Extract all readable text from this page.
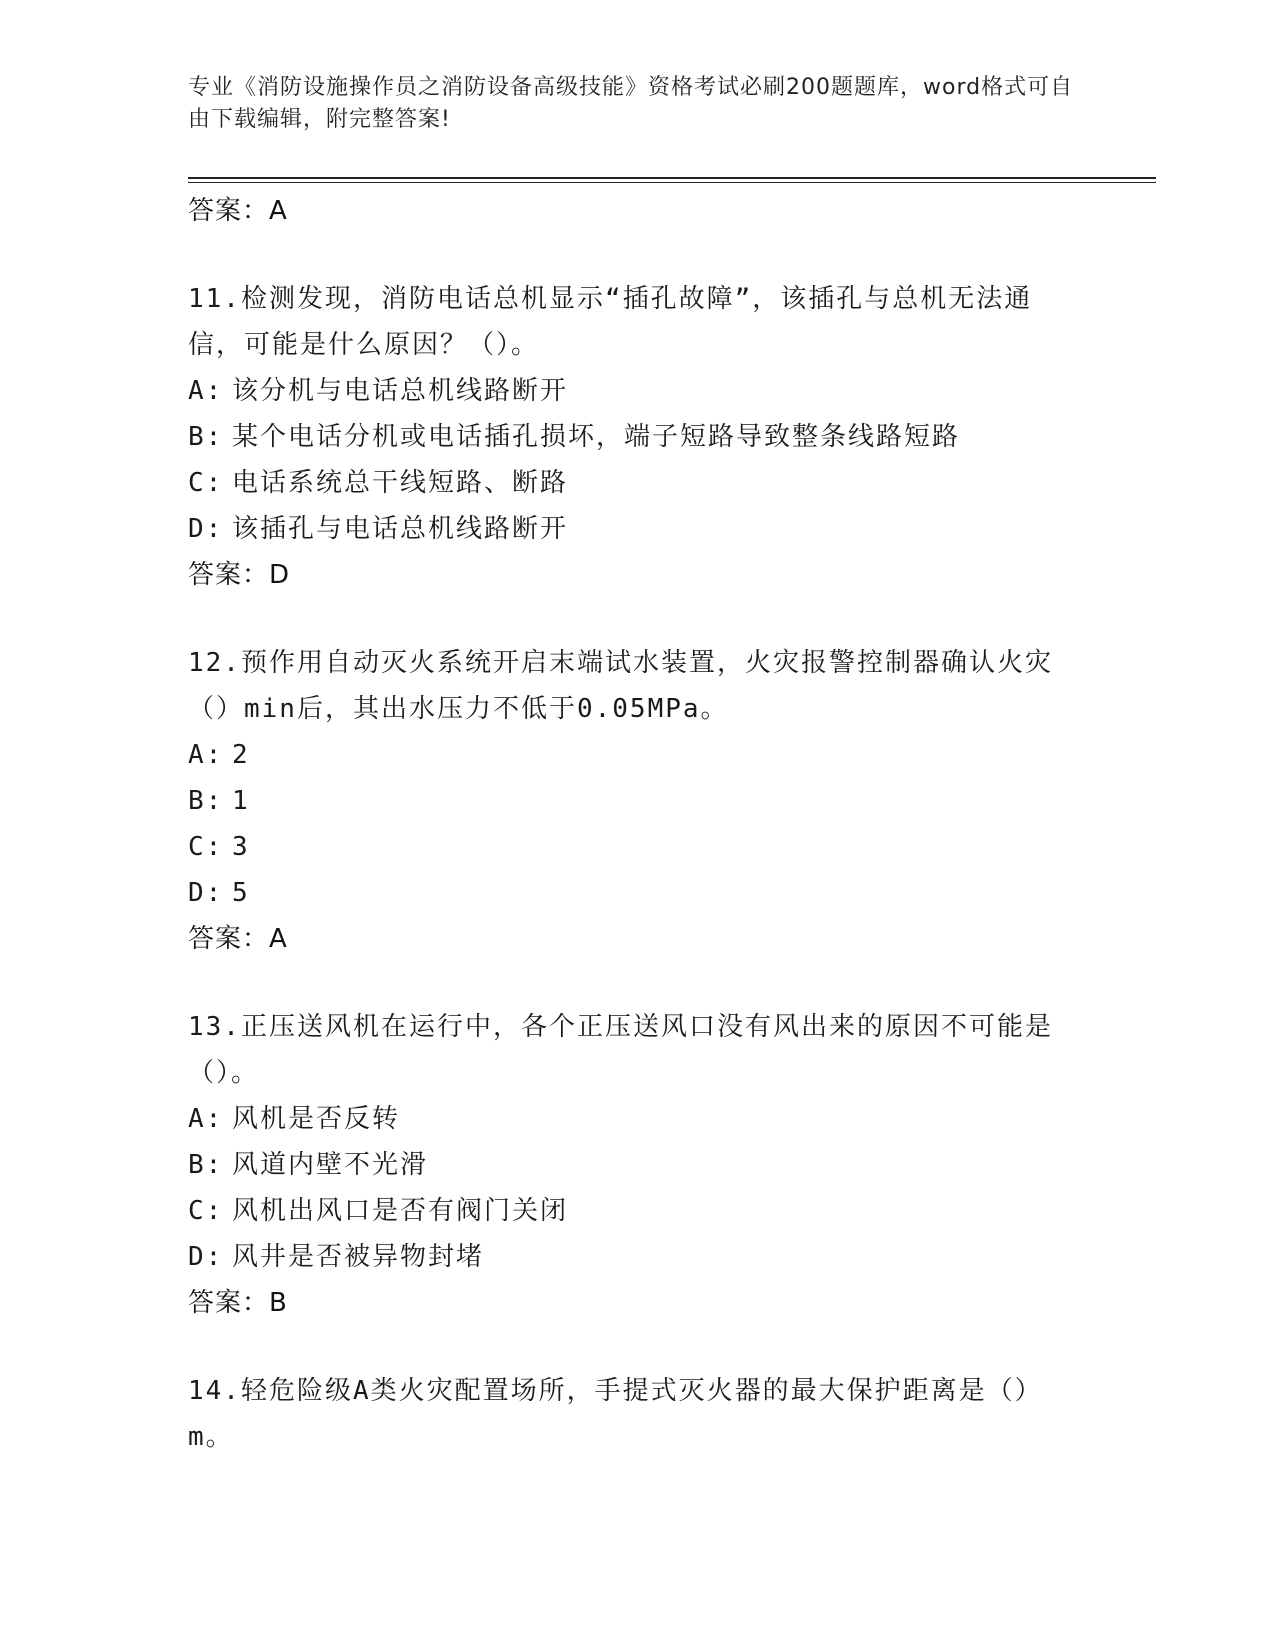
专业《消防设施操作员之消防设备高级技能》资格考试必刷200题题库，word格式可自由下载编辑，附完整答案!
答案：A
11.检测发现，消防电话总机显示“插孔故障”，该插孔与总机无法通信，可能是什么原因？（）。
A: 该分机与电话总机线路断开
B: 某个电话分机或电话插孔损坏，端子短路导致整条线路短路
C: 电话系统总干线短路、断路
D: 该插孔与电话总机线路断开
答案：D
12.预作用自动灭火系统开启末端试水装置，火灾报警控制器确认火灾（）min后，其出水压力不低于0.05MPa。
A: 2
B: 1
C: 3
D: 5
答案：A
13.正压送风机在运行中，各个正压送风口没有风出来的原因不可能是（）。
A: 风机是否反转
B: 风道内壁不光滑
C: 风机出风口是否有阀门关闭
D: 风井是否被异物封堵
答案：B
14.轻危险级A类火灾配置场所，手提式灭火器的最大保护距离是（）m。
